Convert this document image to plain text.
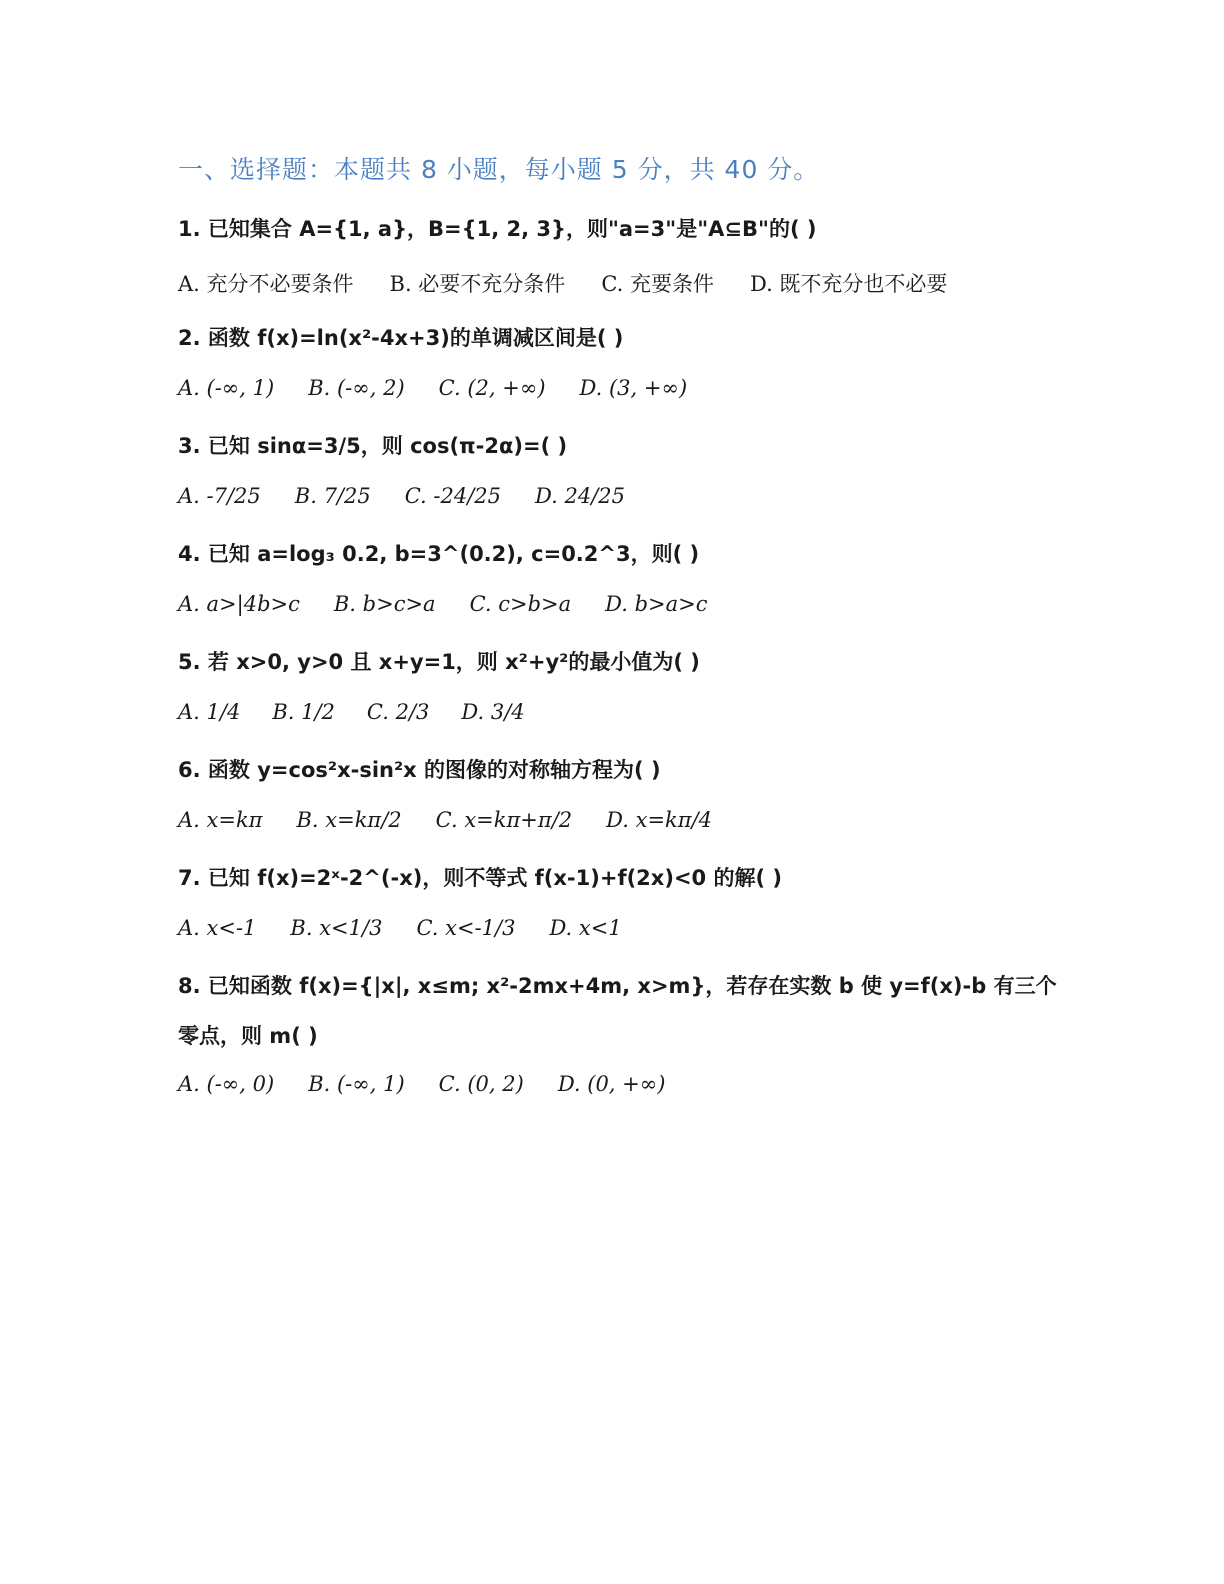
一、选择题：本题共 8 小题，每小题 5 分，共 40 分。
1. 已知集合 A={1, a}，B={1, 2, 3}，则"a=3"是"A⊆B"的( )
A. 充分不必要条件 B. 必要不充分条件 C. 充要条件 D. 既不充分也不必要
2. 函数 f(x)=ln(x²-4x+3)的单调减区间是( )
A. (-∞, 1) B. (-∞, 2) C. (2, +∞) D. (3, +∞)
3. 已知 sinα=3/5，则 cos(π-2α)=( )
A. -7/25 B. 7/25 C. -24/25 D. 24/25
4. 已知 a=log₃ 0.2, b=3^(0.2), c=0.2^3，则( )
A. a>|4b>c B. b>c>a C. c>b>a D. b>a>c
5. 若 x>0, y>0 且 x+y=1，则 x²+y²的最小值为( )
A. 1/4 B. 1/2 C. 2/3 D. 3/4
6. 函数 y=cos²x-sin²x 的图像的对称轴方程为( )
A. x=kπ B. x=kπ/2 C. x=kπ+π/2 D. x=kπ/4
7. 已知 f(x)=2ˣ-2^(-x)，则不等式 f(x-1)+f(2x)<0 的解( )
A. x<-1 B. x<1/3 C. x<-1/3 D. x<1
8. 已知函数 f(x)={|x|, x≤m; x²-2mx+4m, x>m}，若存在实数 b 使 y=f(x)-b 有三个
零点，则 m( )
A. (-∞, 0) B. (-∞, 1) C. (0, 2) D. (0, +∞)
